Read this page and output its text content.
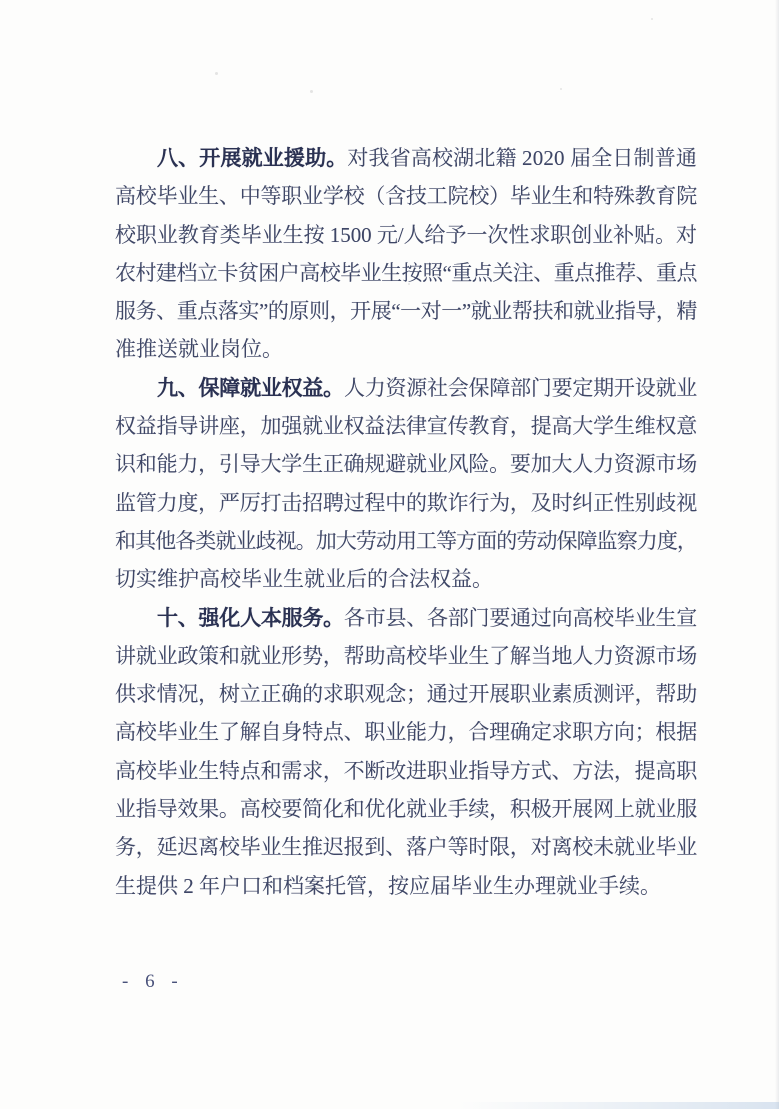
八、开展就业援助。对我省高校湖北籍 2020 届全日制普通
高校毕业生、中等职业学校（含技工院校）毕业生和特殊教育院
校职业教育类毕业生按 1500 元/人给予一次性求职创业补贴。对
农村建档立卡贫困户高校毕业生按照“重点关注、重点推荐、重点
服务、重点落实”的原则，开展“一对一”就业帮扶和就业指导，精
准推送就业岗位。
九、保障就业权益。人力资源社会保障部门要定期开设就业
权益指导讲座，加强就业权益法律宣传教育，提高大学生维权意
识和能力，引导大学生正确规避就业风险。要加大人力资源市场
监管力度，严厉打击招聘过程中的欺诈行为，及时纠正性别歧视
和其他各类就业歧视。加大劳动用工等方面的劳动保障监察力度，
切实维护高校毕业生就业后的合法权益。
十、强化人本服务。各市县、各部门要通过向高校毕业生宣
讲就业政策和就业形势，帮助高校毕业生了解当地人力资源市场
供求情况，树立正确的求职观念；通过开展职业素质测评，帮助
高校毕业生了解自身特点、职业能力，合理确定求职方向；根据
高校毕业生特点和需求，不断改进职业指导方式、方法，提高职
业指导效果。高校要简化和优化就业手续，积极开展网上就业服
务，延迟离校毕业生推迟报到、落户等时限，对离校未就业毕业
生提供 2 年户口和档案托管，按应届毕业生办理就业手续。
- 6 -
